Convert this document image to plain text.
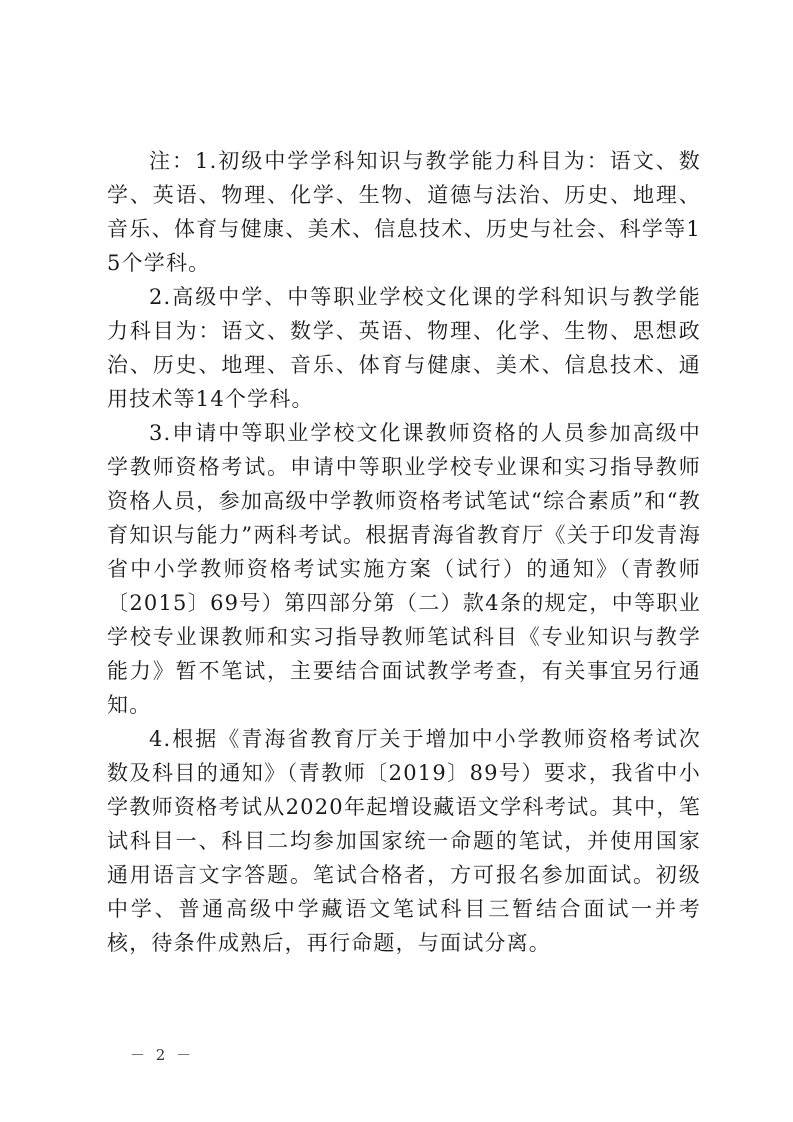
注：1.初级中学学科知识与教学能力科目为：语文、数学、英语、物理、化学、生物、道德与法治、历史、地理、音乐、体育与健康、美术、信息技术、历史与社会、科学等15个学科。

2.高级中学、中等职业学校文化课的学科知识与教学能力科目为：语文、数学、英语、物理、化学、生物、思想政治、历史、地理、音乐、体育与健康、美术、信息技术、通用技术等14个学科。

3.申请中等职业学校文化课教师资格的人员参加高级中学教师资格考试。申请中等职业学校专业课和实习指导教师资格人员，参加高级中学教师资格考试笔试“综合素质”和“教育知识与能力”两科考试。根据青海省教育厅《关于印发青海省中小学教师资格考试实施方案（试行）的通知》（青教师〔2015〕69号）第四部分第（二）款4条的规定，中等职业学校专业课教师和实习指导教师笔试科目《专业知识与教学能力》暂不笔试，主要结合面试教学考查，有关事宜另行通知。

4.根据《青海省教育厅关于增加中小学教师资格考试次数及科目的通知》（青教师〔2019〕89号）要求，我省中小学教师资格考试从2020年起增设藏语文学科考试。其中，笔试科目一、科目二均参加国家统一命题的笔试，并使用国家通用语言文字答题。笔试合格者，方可报名参加面试。初级中学、普通高级中学藏语文笔试科目三暂结合面试一并考核，待条件成熟后，再行命题，与面试分离。

－ 2 －
